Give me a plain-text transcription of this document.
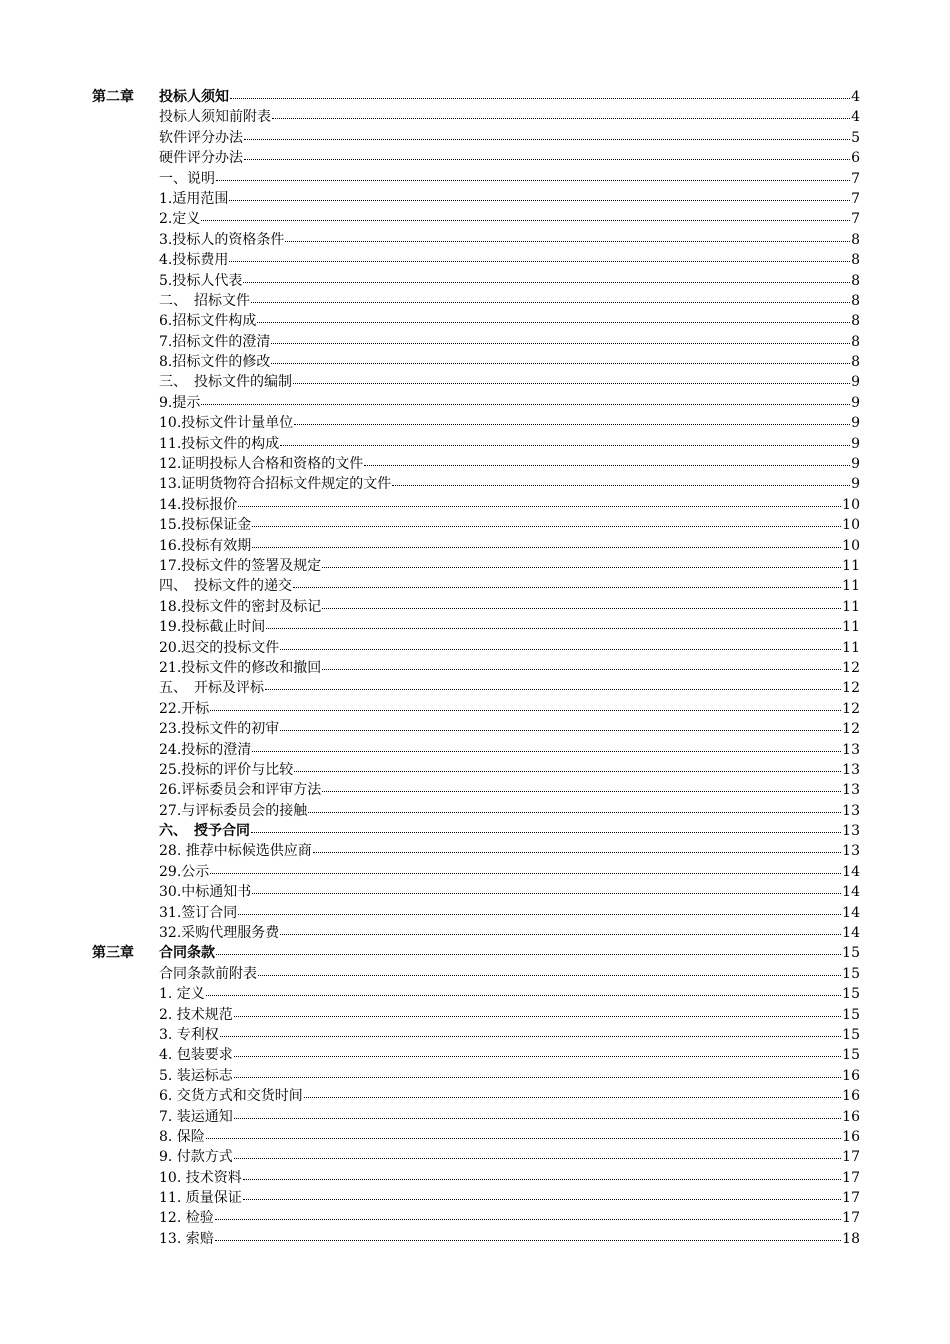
第二章 投标人须知	4
投标人须知前附表	4
软件评分办法	5
硬件评分办法	6
一、说明	7
1.适用范围	7
2.定义	7
3.投标人的资格条件	8
4.投标费用	8
5.投标人代表	8
二、　招标文件	8
6.招标文件构成	8
7.招标文件的澄清	8
8.招标文件的修改	8
三、　投标文件的编制	9
9.提示	9
10.投标文件计量单位	9
11.投标文件的构成	9
12.证明投标人合格和资格的文件	9
13.证明货物符合招标文件规定的文件	9
14.投标报价	10
15.投标保证金	10
16.投标有效期	10
17.投标文件的签署及规定	11
四、　投标文件的递交	11
18.投标文件的密封及标记	11
19.投标截止时间	11
20.迟交的投标文件	11
21.投标文件的修改和撤回	12
五、　开标及评标	12
22.开标	12
23.投标文件的初审	12
24.投标的澄清	13
25.投标的评价与比较	13
26.评标委员会和评审方法	13
27.与评标委员会的接触	13
六、　授予合同	13
28. 推荐中标候选供应商	13
29.公示	14
30.中标通知书	14
31.签订合同	14
32.采购代理服务费	14
第三章 合同条款	15
合同条款前附表	15
1. 定义	15
2. 技术规范	15
3. 专利权	15
4. 包装要求	15
5. 装运标志	16
6. 交货方式和交货时间	16
7. 装运通知	16
8. 保险	16
9. 付款方式	17
10. 技术资料	17
11. 质量保证	17
12. 检验	17
13. 索赔	18
